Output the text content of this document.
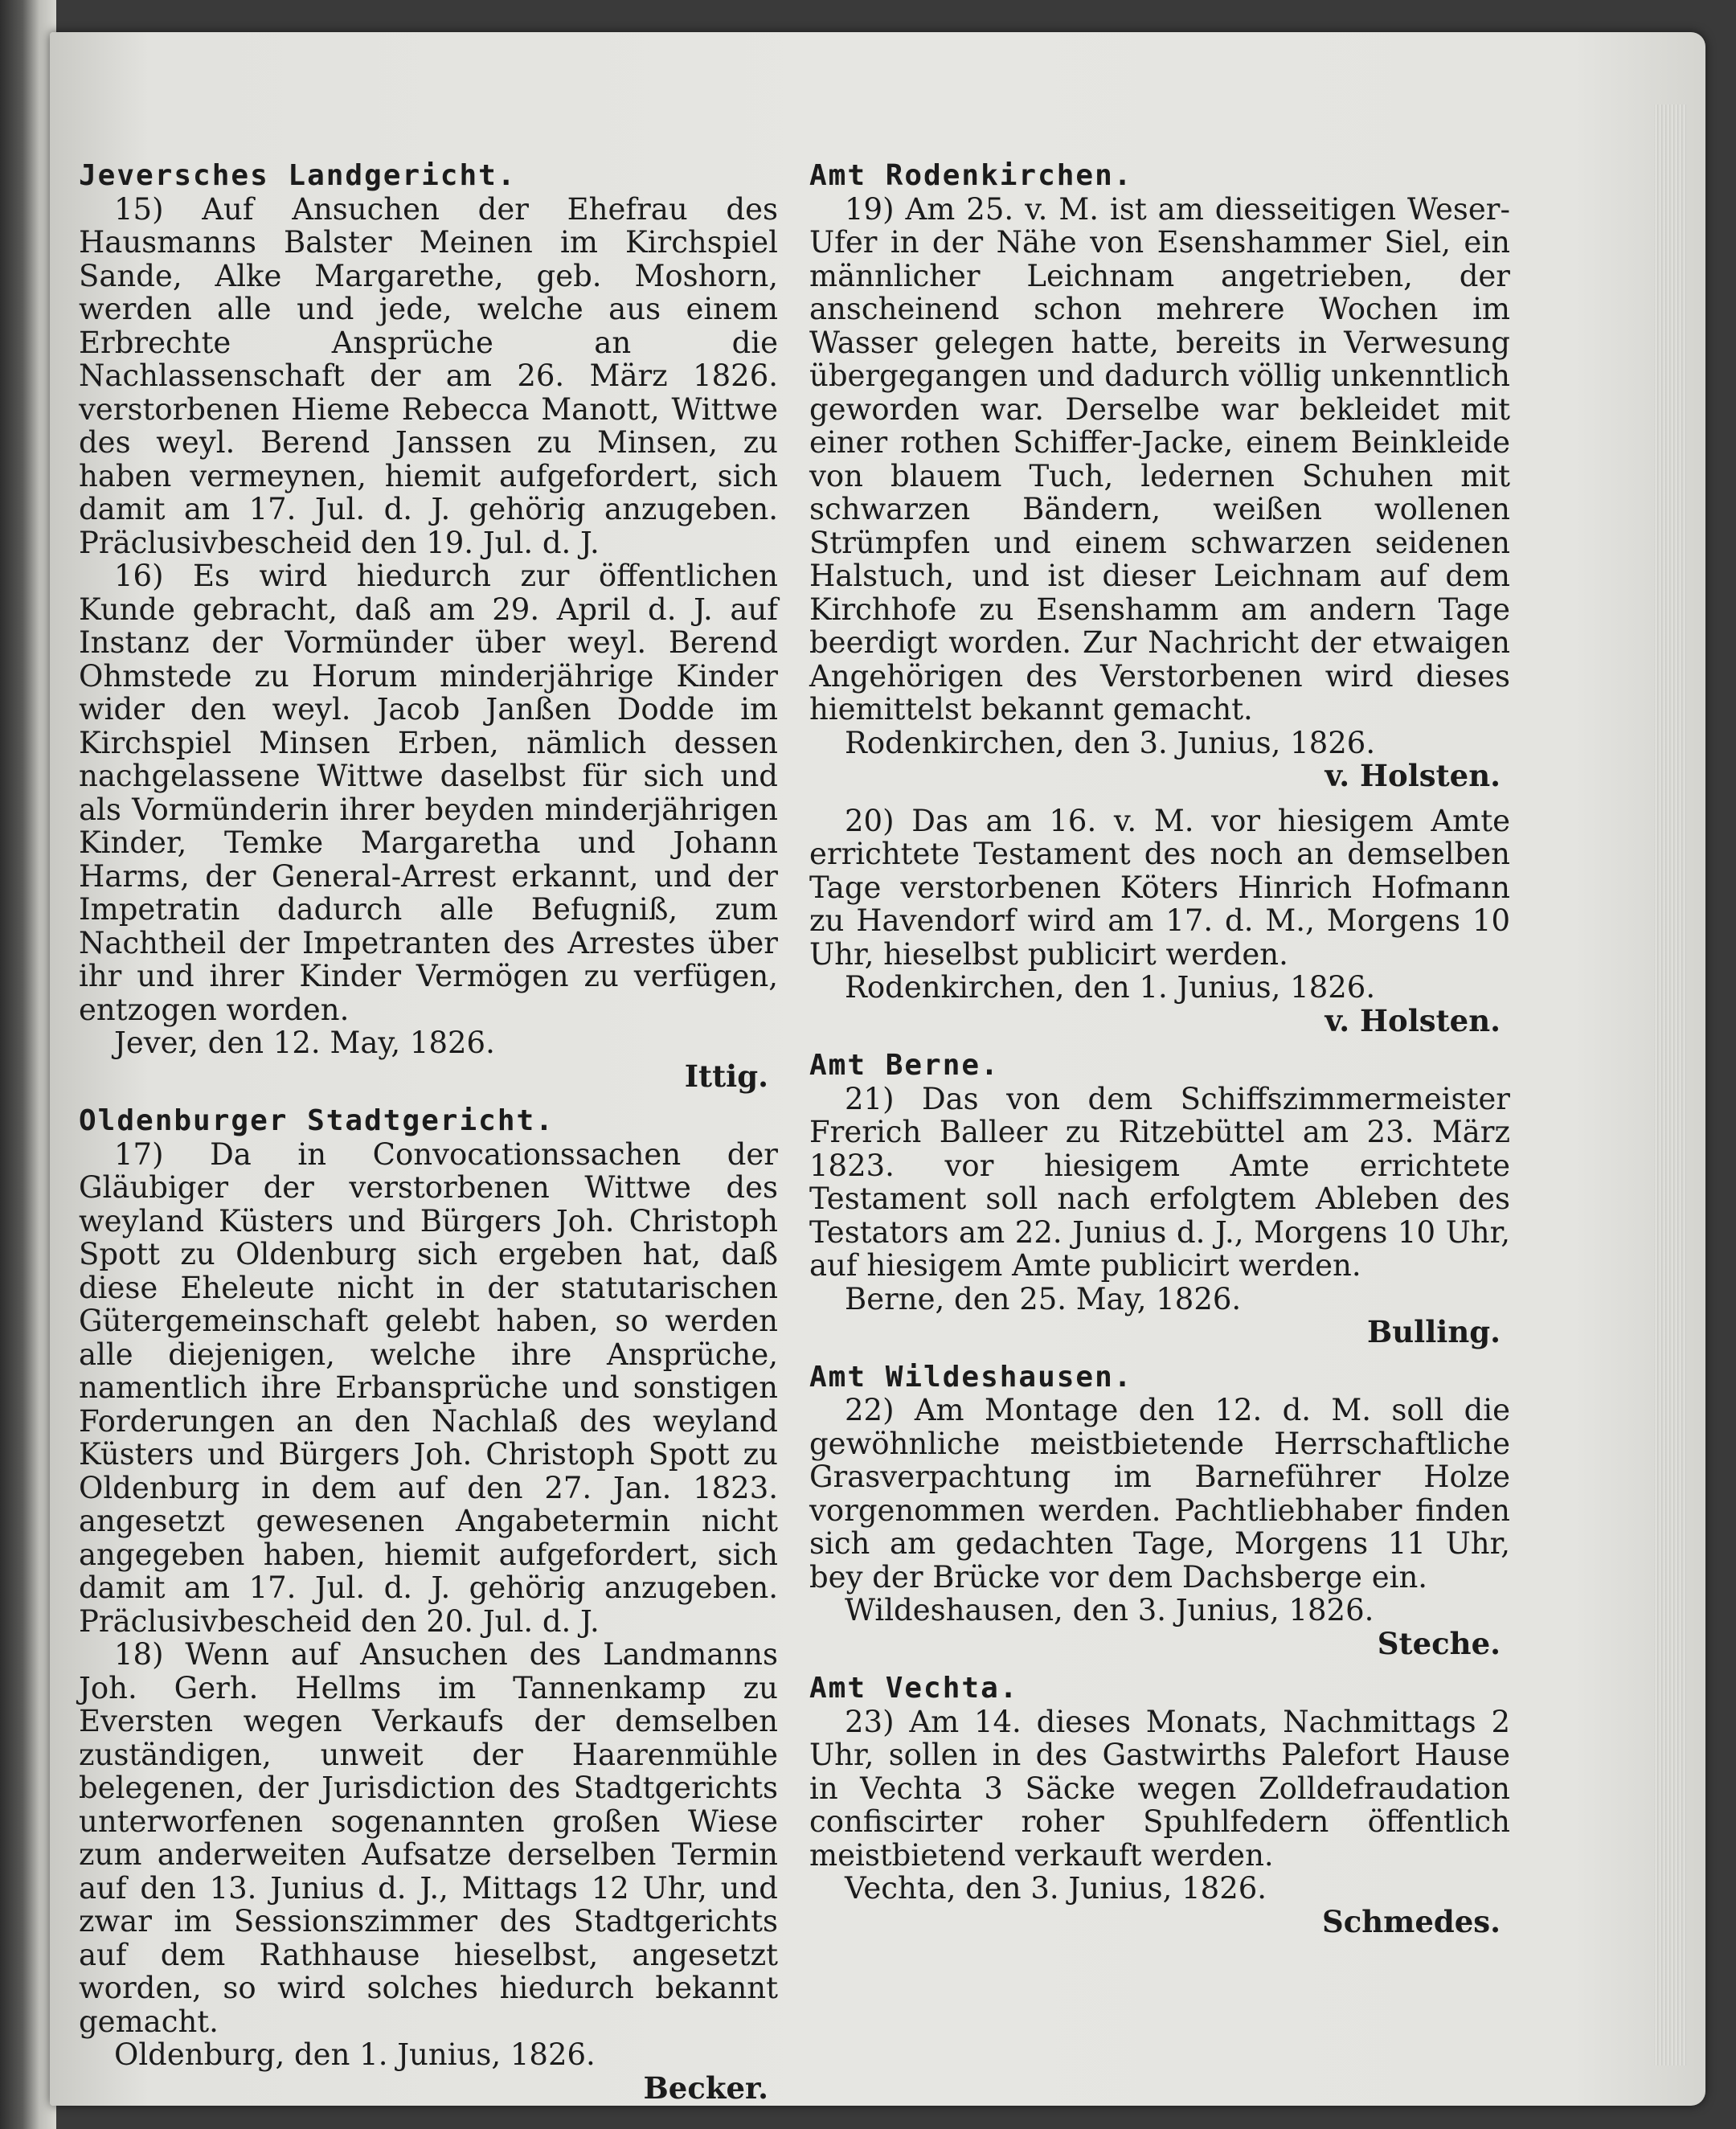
Jeversches Landgericht.

15) Auf Ansuchen der Ehefrau des Hausmanns Balster Meinen im Kirchspiel Sande, Alke Margarethe, geb. Moshorn, werden alle und jede, welche aus einem Erbrechte Ansprüche an die Nachlassenschaft der am 26. März 1826. verstorbenen Hieme Rebecca Manott, Wittwe des weyl. Berend Janssen zu Minsen, zu haben vermeynen, hiemit aufgefordert, sich damit am 17. Jul. d. J. gehörig anzugeben. Präclusivbescheid den 19. Jul. d. J.

16) Es wird hiedurch zur öffentlichen Kunde gebracht, daß am 29. April d. J. auf Instanz der Vormünder über weyl. Berend Ohmstede zu Horum minderjährige Kinder wider den weyl. Jacob Janßen Dodde im Kirchspiel Minsen Erben, nämlich dessen nachgelassene Wittwe daselbst für sich und als Vormünderin ihrer beyden minderjährigen Kinder, Temke Margaretha und Johann Harms, der General-Arrest erkannt, und der Impetratin dadurch alle Befugniß, zum Nachtheil der Impetranten des Arrestes über ihr und ihrer Kinder Vermögen zu verfügen, entzogen worden.

Jever, den 12. May, 1826.

Ittig.

Oldenburger Stadtgericht.

17) Da in Convocationssachen der Gläubiger der verstorbenen Wittwe des weyland Küsters und Bürgers Joh. Christoph Spott zu Oldenburg sich ergeben hat, daß diese Eheleute nicht in der statutarischen Gütergemeinschaft gelebt haben, so werden alle diejenigen, welche ihre Ansprüche, namentlich ihre Erbansprüche und sonstigen Forderungen an den Nachlaß des weyland Küsters und Bürgers Joh. Christoph Spott zu Oldenburg in dem auf den 27. Jan. 1823. angesetzt gewesenen Angabetermin nicht angegeben haben, hiemit aufgefordert, sich damit am 17. Jul. d. J. gehörig anzugeben. Präclusivbescheid den 20. Jul. d. J.

18) Wenn auf Ansuchen des Landmanns Joh. Gerh. Hellms im Tannenkamp zu Eversten wegen Verkaufs der demselben zuständigen, unweit der Haarenmühle belegenen, der Jurisdiction des Stadtgerichts unterworfenen sogenannten großen Wiese zum anderweiten Aufsatze derselben Termin auf den 13. Junius d. J., Mittags 12 Uhr, und zwar im Sessionszimmer des Stadtgerichts auf dem Rathhause hieselbst, angesetzt worden, so wird solches hiedurch bekannt gemacht.

Oldenburg, den 1. Junius, 1826.

Becker.

Amt Rodenkirchen.

19) Am 25. v. M. ist am diesseitigen Weser-Ufer in der Nähe von Esenshammer Siel, ein männlicher Leichnam angetrieben, der anscheinend schon mehrere Wochen im Wasser gelegen hatte, bereits in Verwesung übergegangen und dadurch völlig unkenntlich geworden war. Derselbe war bekleidet mit einer rothen Schiffer-Jacke, einem Beinkleide von blauem Tuch, ledernen Schuhen mit schwarzen Bändern, weißen wollenen Strümpfen und einem schwarzen seidenen Halstuch, und ist dieser Leichnam auf dem Kirchhofe zu Esenshamm am andern Tage beerdigt worden. Zur Nachricht der etwaigen Angehörigen des Verstorbenen wird dieses hiemittelst bekannt gemacht.

Rodenkirchen, den 3. Junius, 1826.

v. Holsten.

20) Das am 16. v. M. vor hiesigem Amte errichtete Testament des noch an demselben Tage verstorbenen Köters Hinrich Hofmann zu Havendorf wird am 17. d. M., Morgens 10 Uhr, hieselbst publicirt werden.

Rodenkirchen, den 1. Junius, 1826.

v. Holsten.

Amt Berne.

21) Das von dem Schiffszimmermeister Frerich Balleer zu Ritzebüttel am 23. März 1823. vor hiesigem Amte errichtete Testament soll nach erfolgtem Ableben des Testators am 22. Junius d. J., Morgens 10 Uhr, auf hiesigem Amte publicirt werden.

Berne, den 25. May, 1826.

Bulling.

Amt Wildeshausen.

22) Am Montage den 12. d. M. soll die gewöhnliche meistbietende Herrschaftliche Grasverpachtung im Barneführer Holze vorgenommen werden. Pachtliebhaber finden sich am gedachten Tage, Morgens 11 Uhr, bey der Brücke vor dem Dachsberge ein.

Wildeshausen, den 3. Junius, 1826.

Steche.

Amt Vechta.

23) Am 14. dieses Monats, Nachmittags 2 Uhr, sollen in des Gastwirths Palefort Hause in Vechta 3 Säcke wegen Zolldefraudation confiscirter roher Spuhlfedern öffentlich meistbietend verkauft werden.

Vechta, den 3. Junius, 1826.

Schmedes.
